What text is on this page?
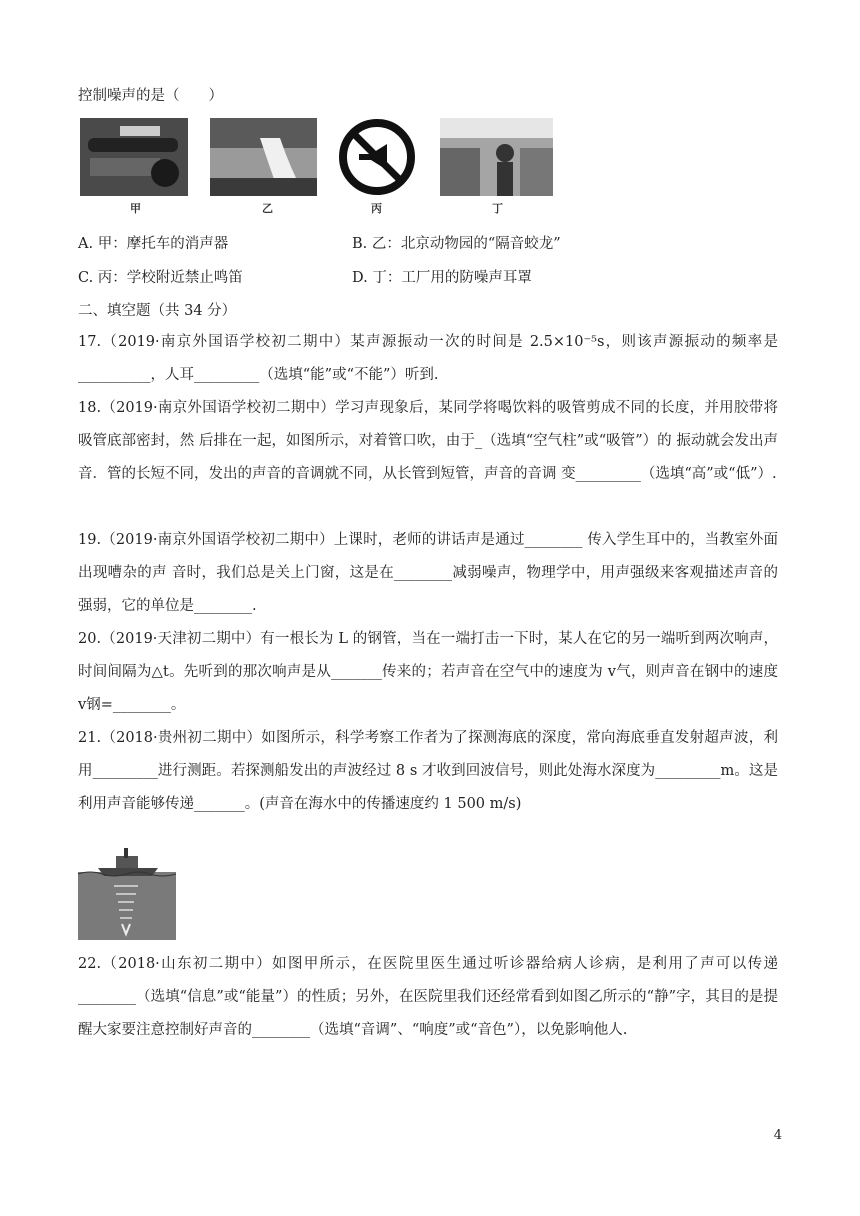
控制噪声的是（　　）
甲	乙	丙	丁
A. 甲：摩托车的消声器	B. 乙：北京动物园的“隔音蛟龙”
C. 丙：学校附近禁止鸣笛	D. 丁：工厂用的防噪声耳罩
二、填空题（共 34 分）
17.（2019·南京外国语学校初二期中）某声源振动一次的时间是 2.5×10⁻⁵s，则该声源振动的频率是__________，人耳_________（选填“能”或“不能”）听到.
18.（2019·南京外国语学校初二期中）学习声现象后，某同学将喝饮料的吸管剪成不同的长度，并用胶带将吸管底部密封，然 后排在一起，如图所示，对着管口吹，由于_（选填“空气柱”或“吸管”）的 振动就会发出声音．管的长短不同，发出的声音的音调就不同，从长管到短管，声音的音调 变_________（选填“高”或“低”）.
19.（2019·南京外国语学校初二期中）上课时，老师的讲话声是通过________ 传入学生耳中的，当教室外面出现嘈杂的声 音时，我们总是关上门窗，这是在________减弱噪声，物理学中，用声强级来客观描述声音的强弱，它的单位是________.
20.（2019·天津初二期中）有一根长为 L 的钢管，当在一端打击一下时，某人在它的另一端听到两次响声，时间间隔为△t。先听到的那次响声是从_______传来的；若声音在空气中的速度为 v气，则声音在钢中的速度 v钢=________。
21.（2018·贵州初二期中）如图所示，科学考察工作者为了探测海底的深度，常向海底垂直发射超声波，利用_________进行测距。若探测船发出的声波经过 8 s 才收到回波信号，则此处海水深度为_________m。这是利用声音能够传递_______。(声音在海水中的传播速度约 1 500 m/s)
22.（2018·山东初二期中）如图甲所示，在医院里医生通过听诊器给病人诊病，是利用了声可以传递________（选填“信息”或“能量”）的性质；另外，在医院里我们还经常看到如图乙所示的“静”字，其目的是提醒大家要注意控制好声音的________（选填“音调”、“响度”或“音色”），以免影响他人.
4
